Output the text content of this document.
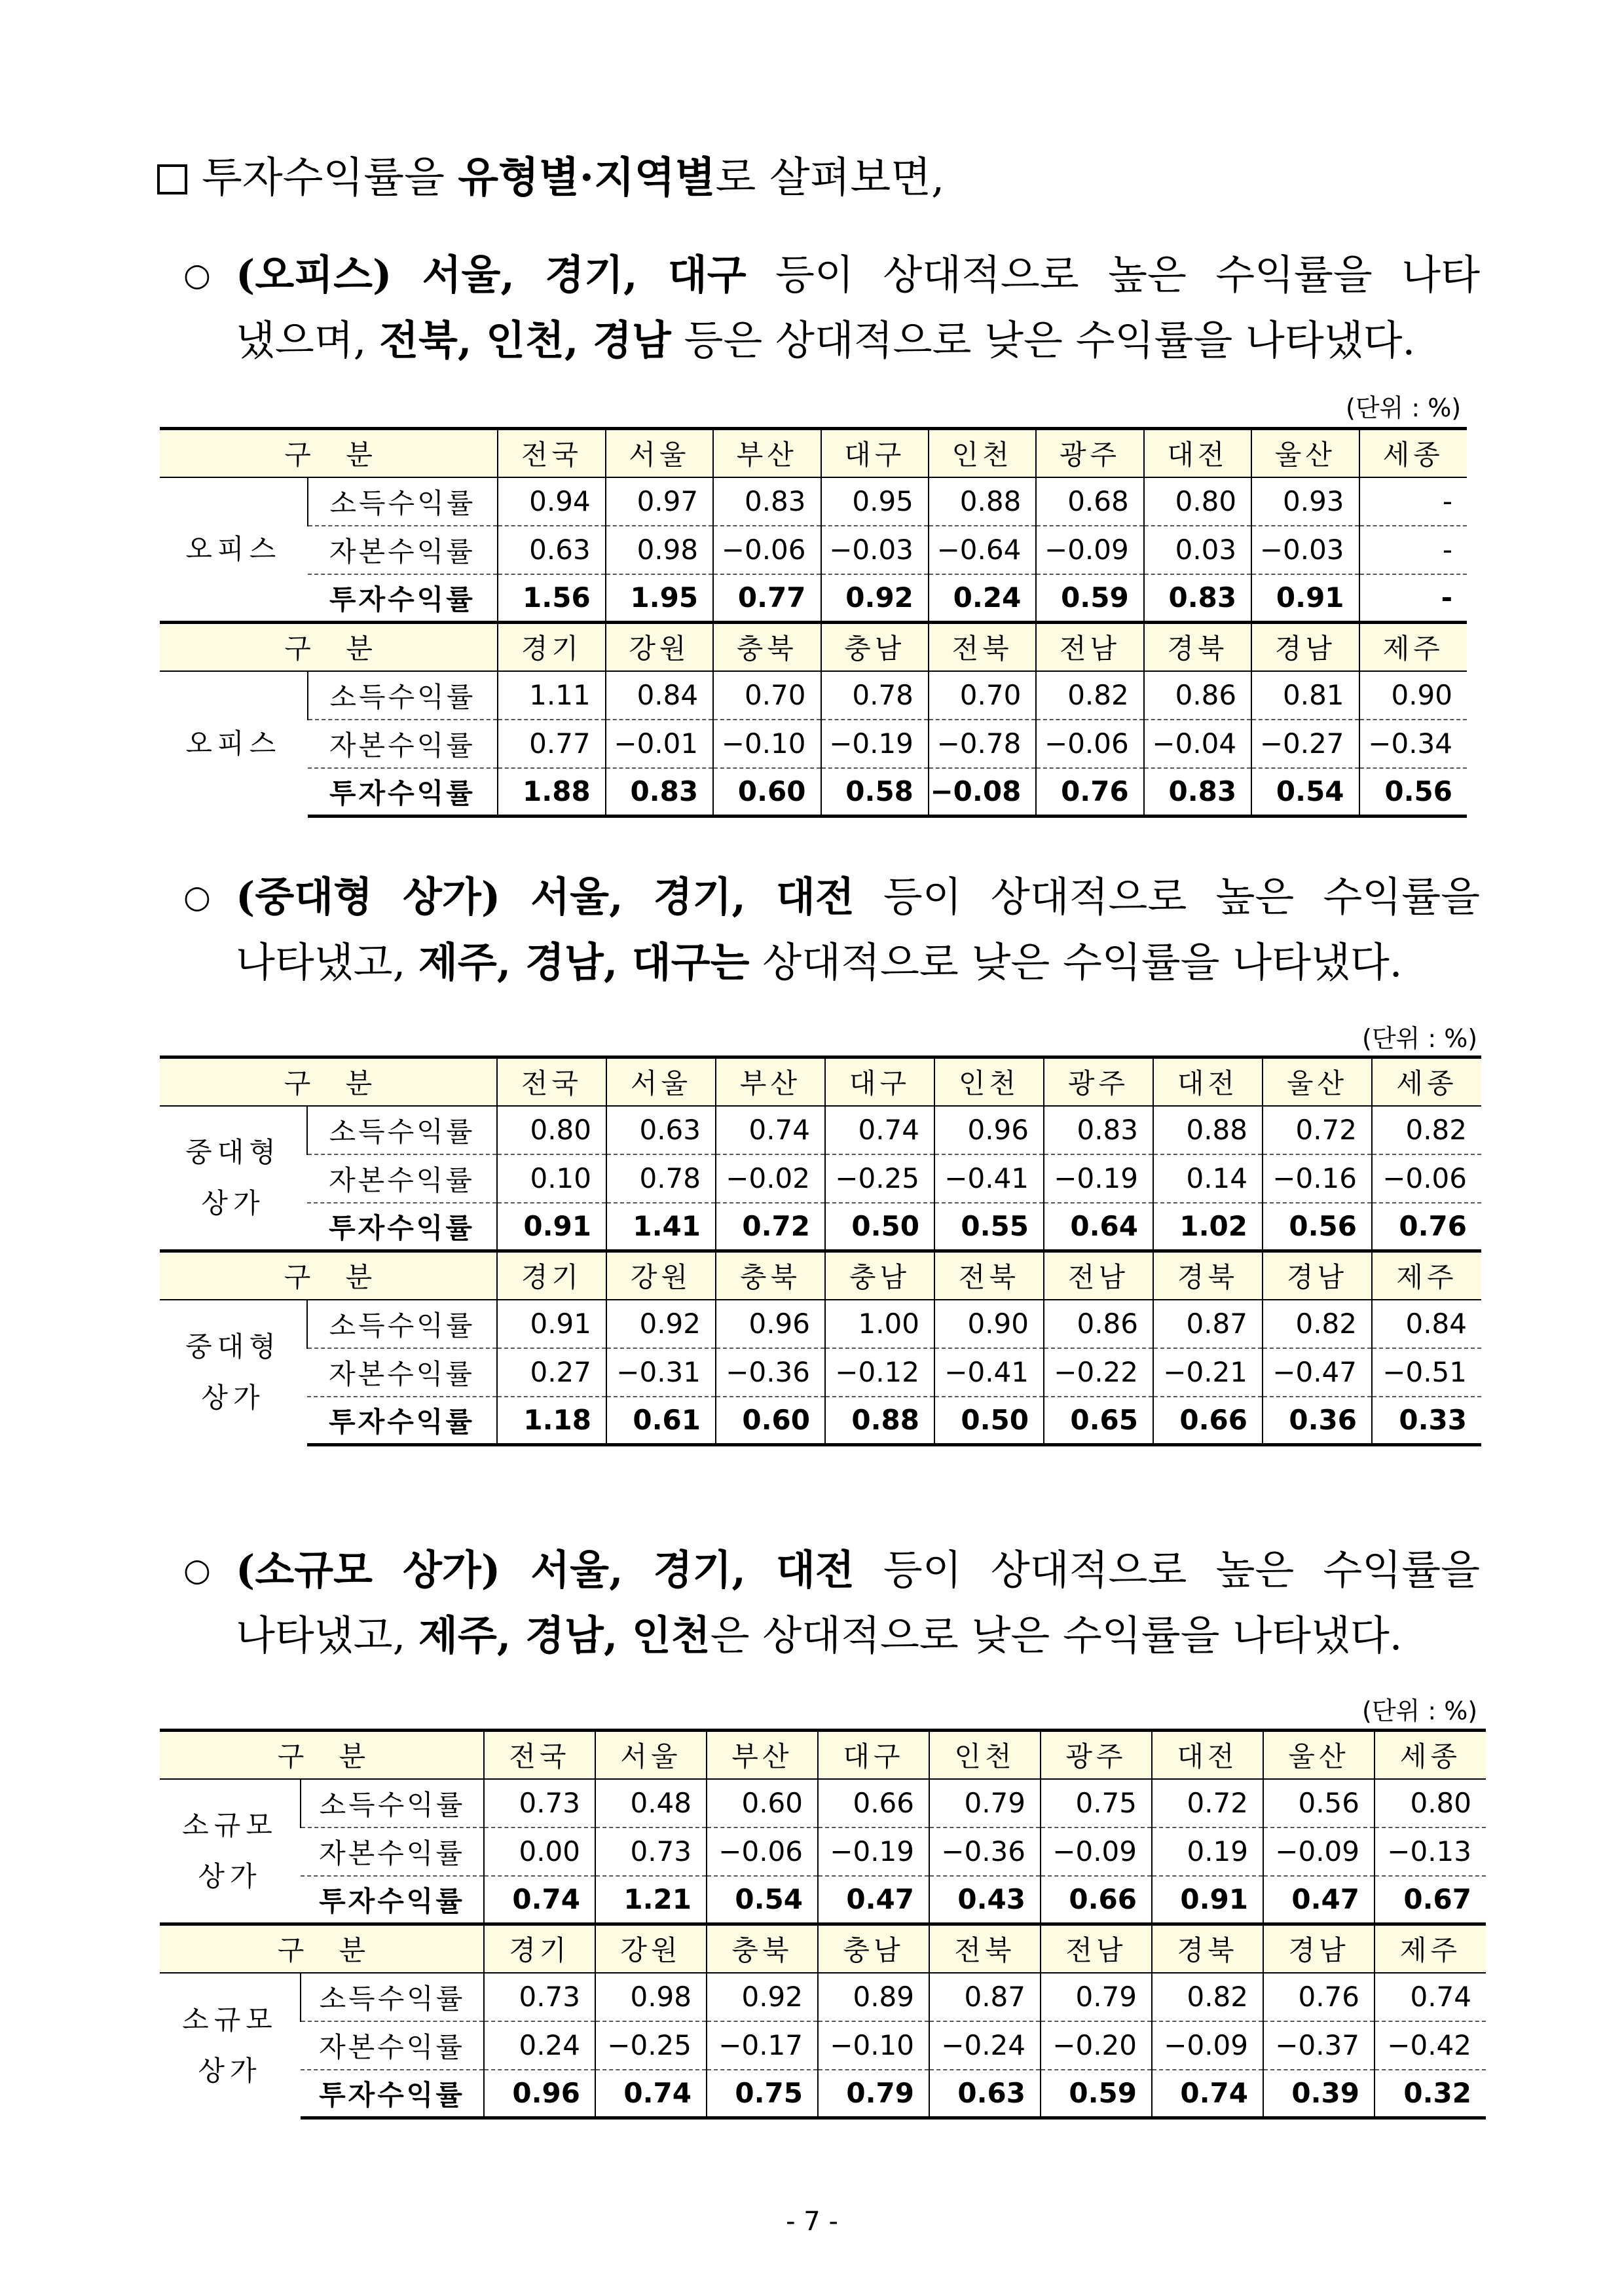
투자수익률을 유형별·지역별로 살펴보면,
○ (오피스) 서울, 경기, 대구 등이 상대적으로 높은 수익률을 나타
냈으며, 전북, 인천, 경남 등은 상대적으로 낮은 수익률을 나타냈다.
(단위 : %)
구 분		전국	서울	부산	대구	인천	광주	대전	울산	세종
오피스	소득수익률	0.94	0.97	0.83	0.95	0.88	0.68	0.80	0.93	-
	자본수익률	0.63	0.98	−0.06	−0.03	−0.64	−0.09	0.03	−0.03	-
	투자수익률	1.56	1.95	0.77	0.92	0.24	0.59	0.83	0.91	-
구 분		경기	강원	충북	충남	전북	전남	경북	경남	제주
오피스	소득수익률	1.11	0.84	0.70	0.78	0.70	0.82	0.86	0.81	0.90
	자본수익률	0.77	−0.01	−0.10	−0.19	−0.78	−0.06	−0.04	−0.27	−0.34
	투자수익률	1.88	0.83	0.60	0.58	−0.08	0.76	0.83	0.54	0.56
○ (중대형 상가) 서울, 경기, 대전 등이 상대적으로 높은 수익률을
나타냈고, 제주, 경남, 대구는 상대적으로 낮은 수익률을 나타냈다.
(단위 : %)
구 분		전국	서울	부산	대구	인천	광주	대전	울산	세종
중대형
상가	소득수익률	0.80	0.63	0.74	0.74	0.96	0.83	0.88	0.72	0.82
	자본수익률	0.10	0.78	−0.02	−0.25	−0.41	−0.19	0.14	−0.16	−0.06
	투자수익률	0.91	1.41	0.72	0.50	0.55	0.64	1.02	0.56	0.76
구 분		경기	강원	충북	충남	전북	전남	경북	경남	제주
중대형
상가	소득수익률	0.91	0.92	0.96	1.00	0.90	0.86	0.87	0.82	0.84
	자본수익률	0.27	−0.31	−0.36	−0.12	−0.41	−0.22	−0.21	−0.47	−0.51
	투자수익률	1.18	0.61	0.60	0.88	0.50	0.65	0.66	0.36	0.33
○ (소규모 상가) 서울, 경기, 대전 등이 상대적으로 높은 수익률을
나타냈고, 제주, 경남, 인천은 상대적으로 낮은 수익률을 나타냈다.
(단위 : %)
구 분		전국	서울	부산	대구	인천	광주	대전	울산	세종
소규모
상가	소득수익률	0.73	0.48	0.60	0.66	0.79	0.75	0.72	0.56	0.80
	자본수익률	0.00	0.73	−0.06	−0.19	−0.36	−0.09	0.19	−0.09	−0.13
	투자수익률	0.74	1.21	0.54	0.47	0.43	0.66	0.91	0.47	0.67
구 분		경기	강원	충북	충남	전북	전남	경북	경남	제주
소규모
상가	소득수익률	0.73	0.98	0.92	0.89	0.87	0.79	0.82	0.76	0.74
	자본수익률	0.24	−0.25	−0.17	−0.10	−0.24	−0.20	−0.09	−0.37	−0.42
	투자수익률	0.96	0.74	0.75	0.79	0.63	0.59	0.74	0.39	0.32
- 7 -
